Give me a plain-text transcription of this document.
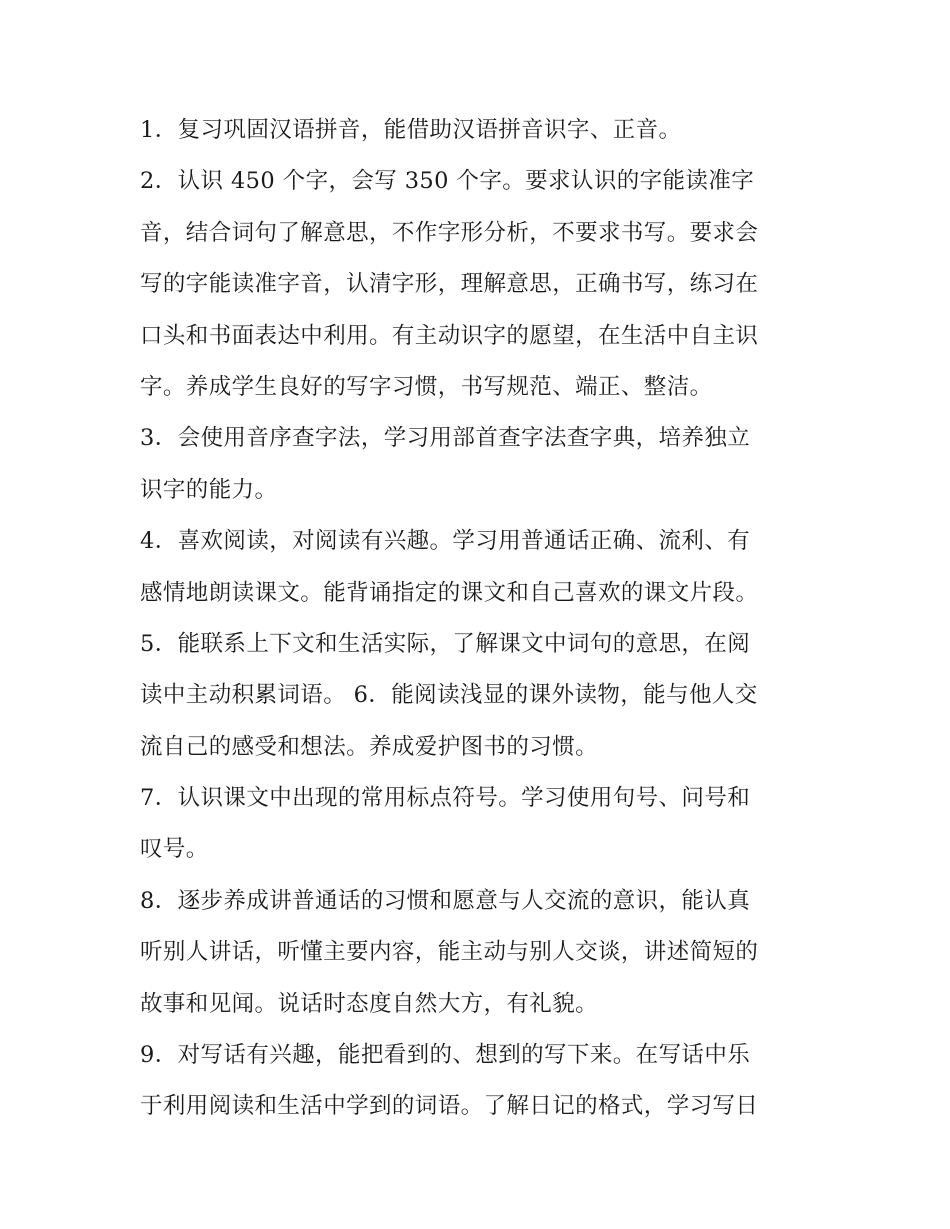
1．复习巩固汉语拼音，能借助汉语拼音识字、正音。
2．认识 450 个字，会写 350 个字。要求认识的字能读准字
音，结合词句了解意思，不作字形分析，不要求书写。要求会
写的字能读准字音，认清字形，理解意思，正确书写，练习在
口头和书面表达中利用。有主动识字的愿望，在生活中自主识
字。养成学生良好的写字习惯，书写规范、端正、整洁。
3．会使用音序查字法，学习用部首查字法查字典，培养独立
识字的能力。
4．喜欢阅读，对阅读有兴趣。学习用普通话正确、流利、有
感情地朗读课文。能背诵指定的课文和自己喜欢的课文片段。
5．能联系上下文和生活实际，了解课文中词句的意思，在阅
读中主动积累词语。 6．能阅读浅显的课外读物，能与他人交
流自己的感受和想法。养成爱护图书的习惯。
7．认识课文中出现的常用标点符号。学习使用句号、问号和
叹号。
8．逐步养成讲普通话的习惯和愿意与人交流的意识，能认真
听别人讲话，听懂主要内容，能主动与别人交谈，讲述简短的
故事和见闻。说话时态度自然大方，有礼貌。
9．对写话有兴趣，能把看到的、想到的写下来。在写话中乐
于利用阅读和生活中学到的词语。了解日记的格式，学习写日
